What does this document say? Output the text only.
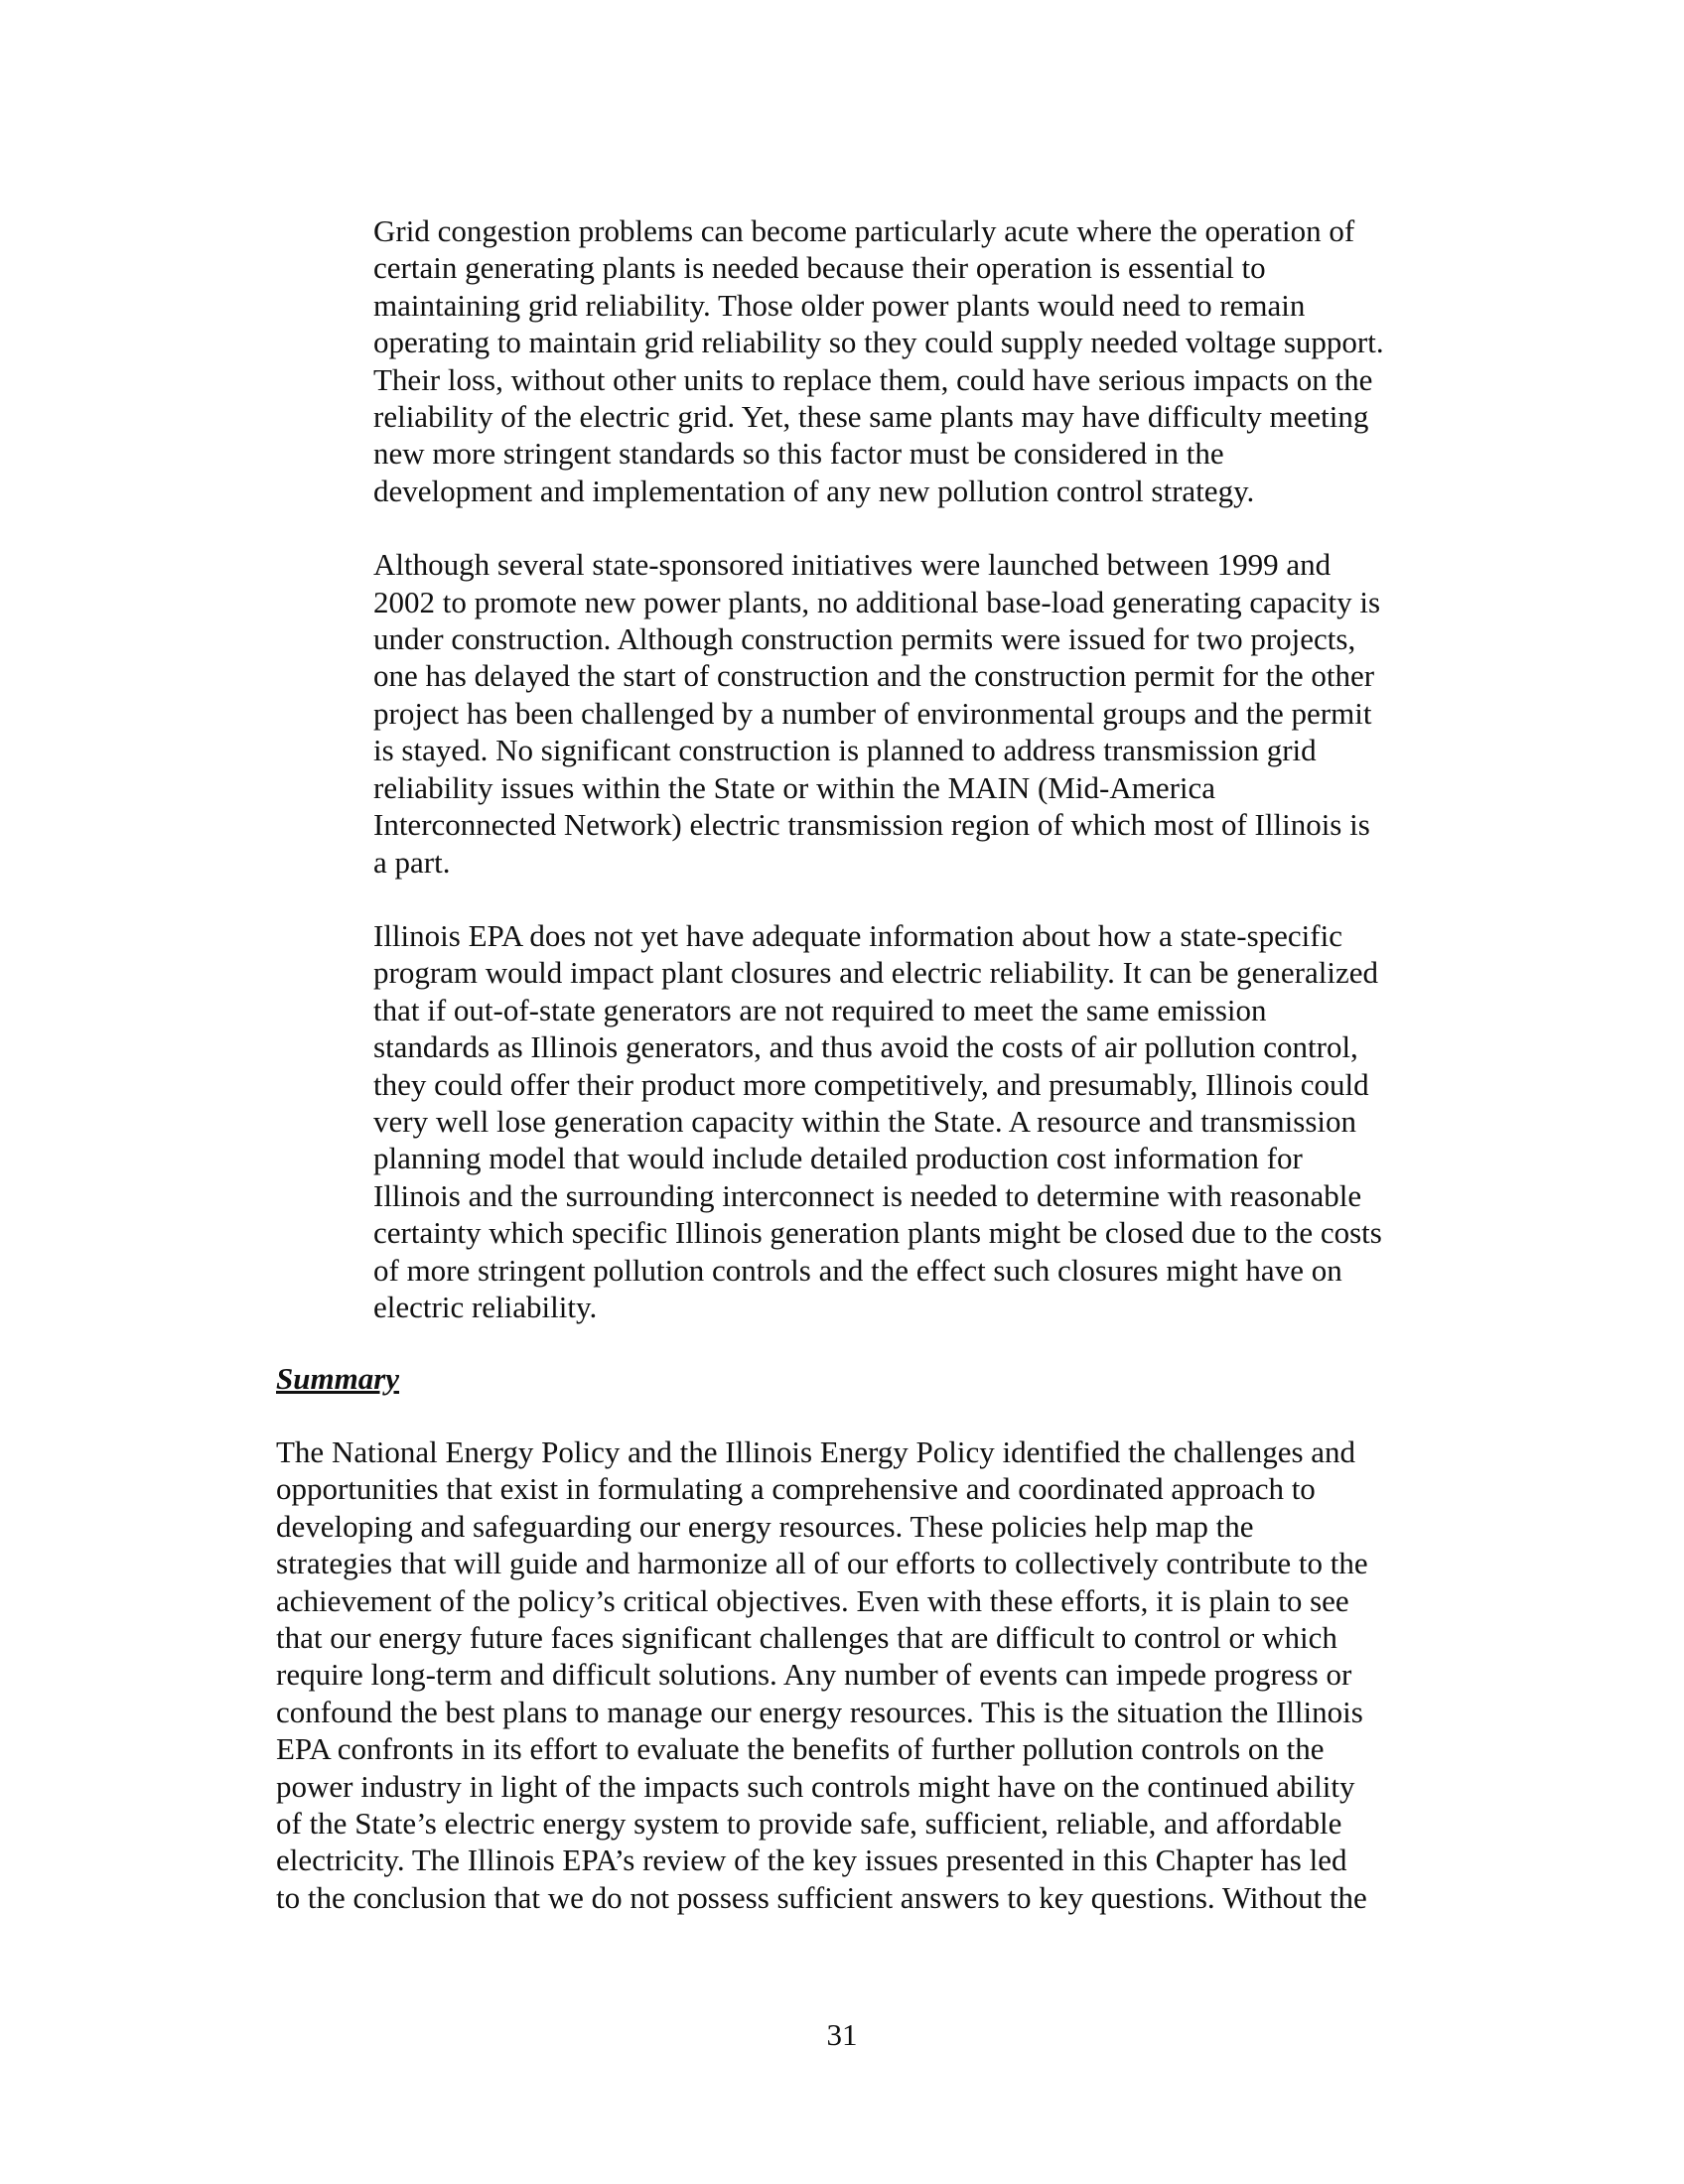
Grid congestion problems can become particularly acute where the operation of
certain generating plants is needed because their operation is essential to
maintaining grid reliability. Those older power plants would need to remain
operating to maintain grid reliability so they could supply needed voltage support.
Their loss, without other units to replace them, could have serious impacts on the
reliability of the electric grid. Yet, these same plants may have difficulty meeting
new more stringent standards so this factor must be considered in the
development and implementation of any new pollution control strategy.

Although several state-sponsored initiatives were launched between 1999 and
2002 to promote new power plants, no additional base-load generating capacity is
under construction. Although construction permits were issued for two projects,
one has delayed the start of construction and the construction permit for the other
project has been challenged by a number of environmental groups and the permit
is stayed. No significant construction is planned to address transmission grid
reliability issues within the State or within the MAIN (Mid-America
Interconnected Network) electric transmission region of which most of Illinois is
a part.

Illinois EPA does not yet have adequate information about how a state-specific
program would impact plant closures and electric reliability. It can be generalized
that if out-of-state generators are not required to meet the same emission
standards as Illinois generators, and thus avoid the costs of air pollution control,
they could offer their product more competitively, and presumably, Illinois could
very well lose generation capacity within the State. A resource and transmission
planning model that would include detailed production cost information for
Illinois and the surrounding interconnect is needed to determine with reasonable
certainty which specific Illinois generation plants might be closed due to the costs
of more stringent pollution controls and the effect such closures might have on
electric reliability.

Summary

The National Energy Policy and the Illinois Energy Policy identified the challenges and
opportunities that exist in formulating a comprehensive and coordinated approach to
developing and safeguarding our energy resources. These policies help map the
strategies that will guide and harmonize all of our efforts to collectively contribute to the
achievement of the policy’s critical objectives. Even with these efforts, it is plain to see
that our energy future faces significant challenges that are difficult to control or which
require long-term and difficult solutions. Any number of events can impede progress or
confound the best plans to manage our energy resources. This is the situation the Illinois
EPA confronts in its effort to evaluate the benefits of further pollution controls on the
power industry in light of the impacts such controls might have on the continued ability
of the State’s electric energy system to provide safe, sufficient, reliable, and affordable
electricity. The Illinois EPA’s review of the key issues presented in this Chapter has led
to the conclusion that we do not possess sufficient answers to key questions. Without the

31
